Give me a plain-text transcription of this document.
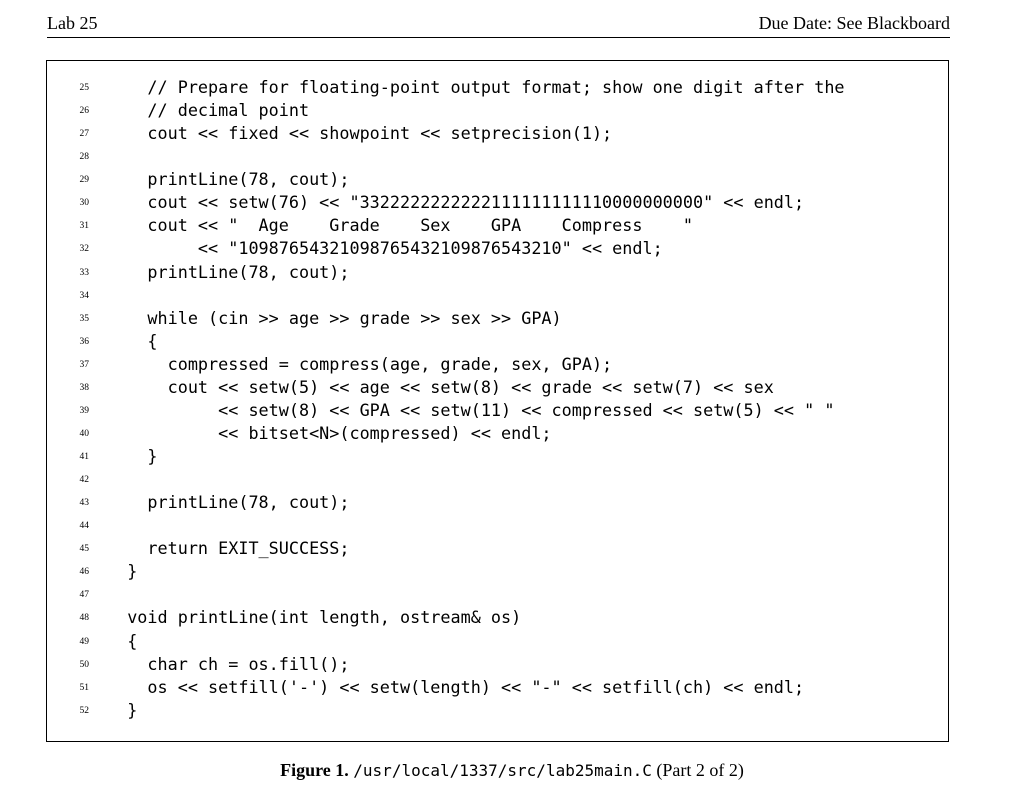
Lab 25	Due Date: See Blackboard
25 // Prepare for floating-point output format; show one digit after the
26 // decimal point
27 cout << fixed << showpoint << setprecision(1);
28
29 printLine(78, cout);
30 cout << setw(76) << "3322222222222111111111110000000000" << endl;
31 cout << "  Age    Grade    Sex    GPA    Compress    "
32 << "10987654321098765432109876543210" << endl;
33 printLine(78, cout);
34
35 while (cin >> age >> grade >> sex >> GPA)
36 {
37 compressed = compress(age, grade, sex, GPA);
38 cout << setw(5) << age << setw(8) << grade << setw(7) << sex
39 << setw(8) << GPA << setw(11) << compressed << setw(5) << " "
40 << bitset<N>(compressed) << endl;
41 }
42
43 printLine(78, cout);
44
45 return EXIT_SUCCESS;
46 }
47
48 void printLine(int length, ostream& os)
49 {
50 char ch = os.fill();
51 os << setfill('-') << setw(length) << "-" << setfill(ch) << endl;
52 }
Figure 1. /usr/local/1337/src/lab25main.C (Part 2 of 2)
